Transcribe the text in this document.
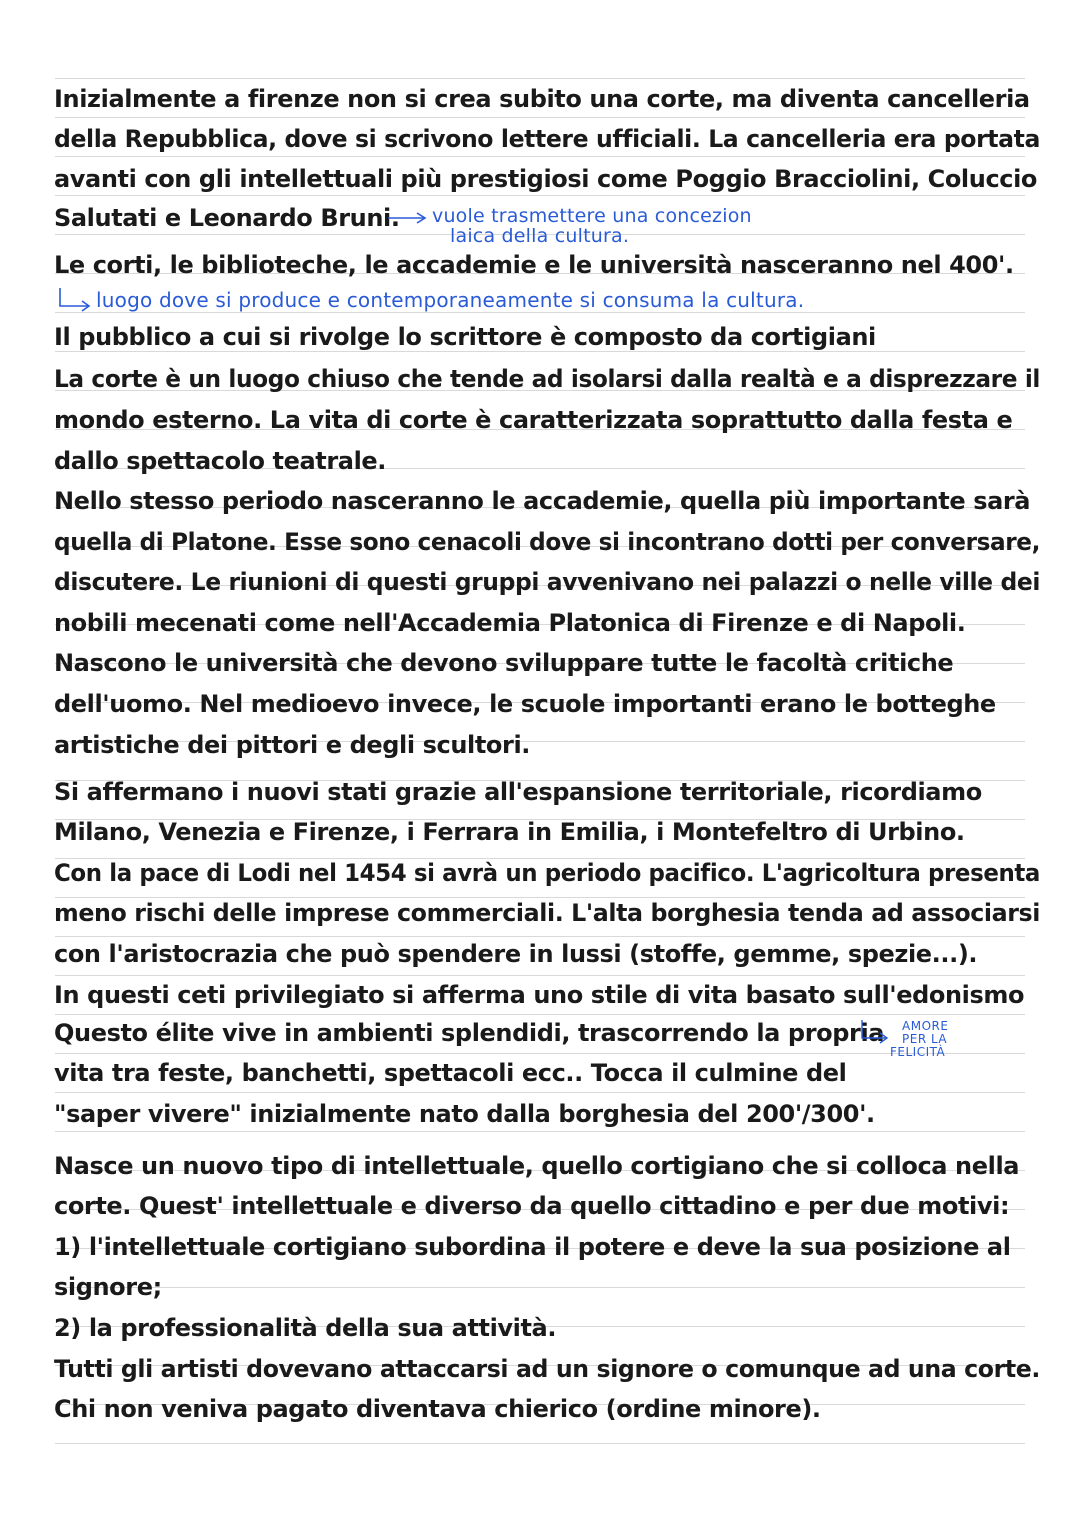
Inizialmente a firenze non si crea subito una corte, ma diventa cancelleria
della Repubblica, dove si scrivono lettere ufficiali. La cancelleria era portata
avanti con gli intellettuali più prestigiosi come Poggio Bracciolini, Coluccio
Salutati e Leonardo Bruni.
Le corti, le biblioteche, le accademie e le università nasceranno nel 400'.
Il pubblico a cui si rivolge lo scrittore è composto da cortigiani
La corte è un luogo chiuso che tende ad isolarsi dalla realtà e a disprezzare il
mondo esterno. La vita di corte è caratterizzata soprattutto dalla festa e
dallo spettacolo teatrale.
Nello stesso periodo nasceranno le accademie, quella più importante sarà
quella di Platone. Esse sono cenacoli dove si incontrano dotti per conversare,
discutere. Le riunioni di questi gruppi avvenivano nei palazzi o nelle ville dei
nobili mecenati come nell'Accademia Platonica di Firenze e di Napoli.
Nascono le università che devono sviluppare tutte le facoltà critiche
dell'uomo. Nel medioevo invece, le scuole importanti erano le botteghe
artistiche dei pittori e degli scultori.
Si affermano i nuovi stati grazie all'espansione territoriale, ricordiamo
Milano, Venezia e Firenze, i Ferrara in Emilia, i Montefeltro di Urbino.
Con la pace di Lodi nel 1454 si avrà un periodo pacifico. L'agricoltura presenta
meno rischi delle imprese commerciali. L'alta borghesia tenda ad associarsi
con l'aristocrazia che può spendere in lussi (stoffe, gemme, spezie...).
In questi ceti privilegiato si afferma uno stile di vita basato sull'edonismo
Questo élite vive in ambienti splendidi, trascorrendo la propria
vita tra feste, banchetti, spettacoli ecc.. Tocca il culmine del
"saper vivere" inizialmente nato dalla borghesia del 200'/300'.
Nasce un nuovo tipo di intellettuale, quello cortigiano che si colloca nella
corte. Quest' intellettuale e diverso da quello cittadino e per due motivi:
1) l'intellettuale cortigiano subordina il potere e deve la sua posizione al
signore;
2) la professionalità della sua attività.
Tutti gli artisti dovevano attaccarsi ad un signore o comunque ad una corte.
Chi non veniva pagato diventava chierico (ordine minore).
vuole trasmettere una concezion
laica della cultura.
luogo dove si produce e contemporaneamente si consuma la cultura.
AMORE
PER LA
FELICITÀ
